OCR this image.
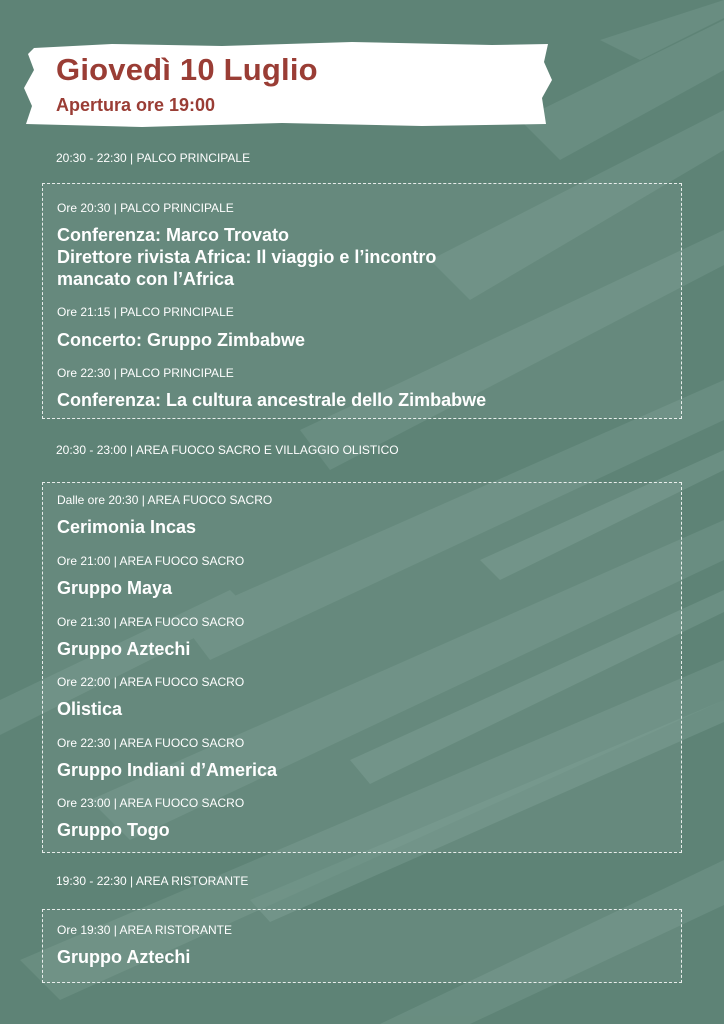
Giovedì 10 Luglio

Apertura ore 19:00

20:30 - 22:30 | PALCO PRINCIPALE
Ore 20:30 | PALCO PRINCIPALE
Conferenza: Marco Trovato
Direttore rivista Africa: Il viaggio e l’incontro
mancato con l’Africa
Ore 21:15 | PALCO PRINCIPALE
Concerto: Gruppo Zimbabwe
Ore 22:30 | PALCO PRINCIPALE
Conferenza: La cultura ancestrale dello Zimbabwe
20:30 - 23:00 | AREA FUOCO SACRO E VILLAGGIO OLISTICO
Dalle ore 20:30 | AREA FUOCO SACRO
Cerimonia Incas
Ore 21:00 | AREA FUOCO SACRO
Gruppo Maya
Ore 21:30 | AREA FUOCO SACRO
Gruppo Aztechi
Ore 22:00 | AREA FUOCO SACRO
Olistica
Ore 22:30 | AREA FUOCO SACRO
Gruppo Indiani d’America
Ore 23:00 | AREA FUOCO SACRO
Gruppo Togo
19:30 - 22:30 | AREA RISTORANTE
Ore 19:30 | AREA RISTORANTE
Gruppo Aztechi
